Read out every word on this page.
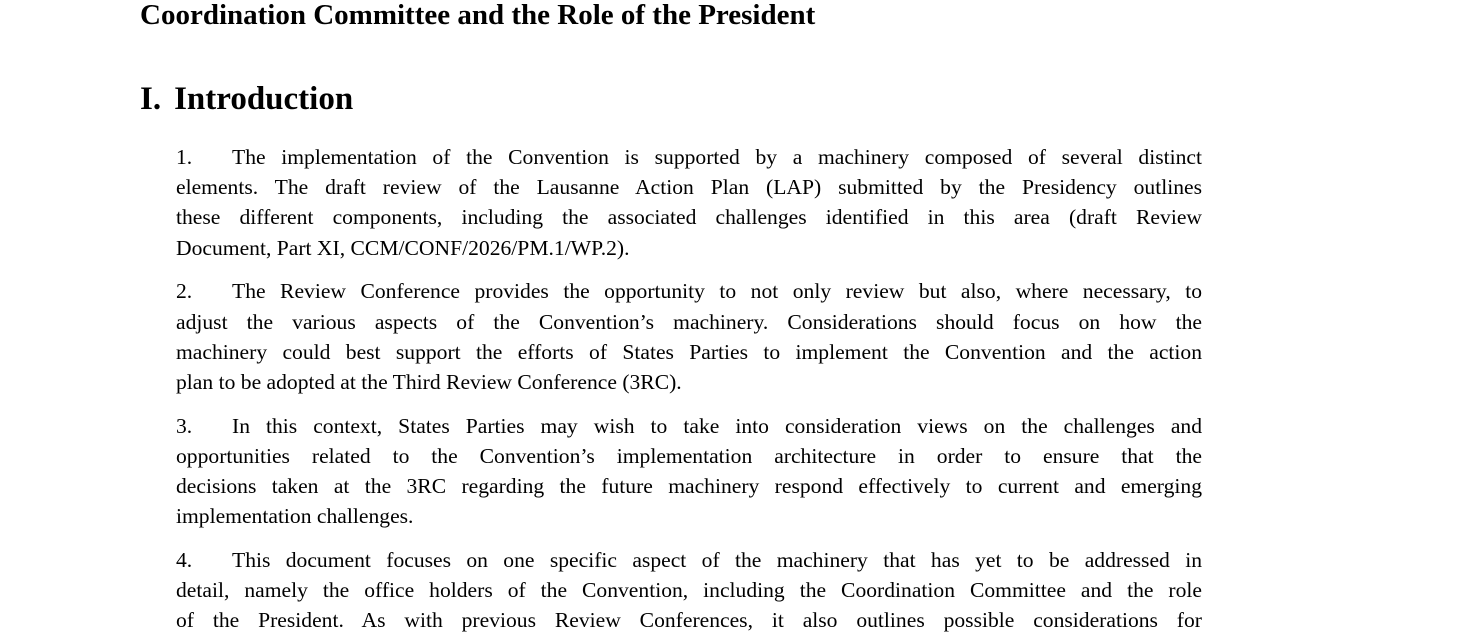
Coordination Committee and the Role of the President
I. Introduction
1. The implementation of the Convention is supported by a machinery composed of several distinct
elements. The draft review of the Lausanne Action Plan (LAP) submitted by the Presidency outlines
these different components, including the associated challenges identified in this area (draft Review
Document, Part XI, CCM/CONF/2026/PM.1/WP.2).
2. The Review Conference provides the opportunity to not only review but also, where necessary, to
adjust the various aspects of the Convention’s machinery. Considerations should focus on how the
machinery could best support the efforts of States Parties to implement the Convention and the action
plan to be adopted at the Third Review Conference (3RC).
3. In this context, States Parties may wish to take into consideration views on the challenges and
opportunities related to the Convention’s implementation architecture in order to ensure that the
decisions taken at the 3RC regarding the future machinery respond effectively to current and emerging
implementation challenges.
4. This document focuses on one specific aspect of the machinery that has yet to be addressed in
detail, namely the office holders of the Convention, including the Coordination Committee and the role
of the President. As with previous Review Conferences, it also outlines possible considerations for
